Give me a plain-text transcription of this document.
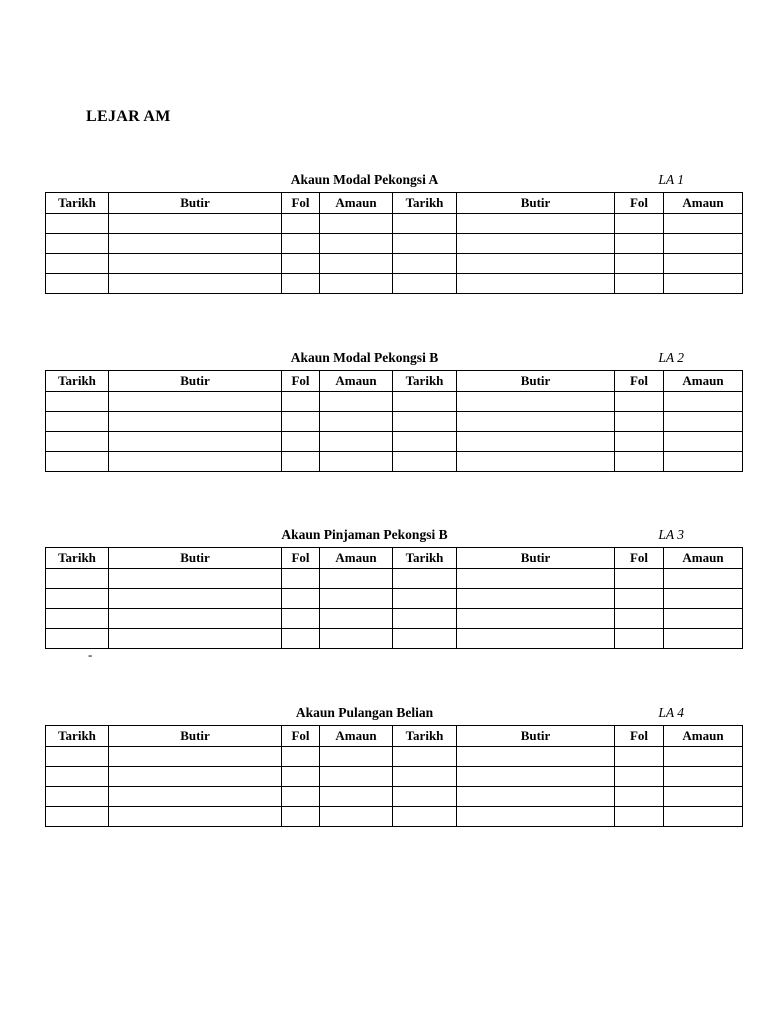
LEJAR AM
Akaun Modal Pekongsi A	LA 1
Tarikh	Butir	Fol	Amaun	Tarikh	Butir	Fol	Amaun

Akaun Modal Pekongsi B	LA 2
Tarikh	Butir	Fol	Amaun	Tarikh	Butir	Fol	Amaun

Akaun Pinjaman Pekongsi B	LA 3
Tarikh	Butir	Fol	Amaun	Tarikh	Butir	Fol	Amaun

-
Akaun Pulangan Belian	LA 4
Tarikh	Butir	Fol	Amaun	Tarikh	Butir	Fol	Amaun
